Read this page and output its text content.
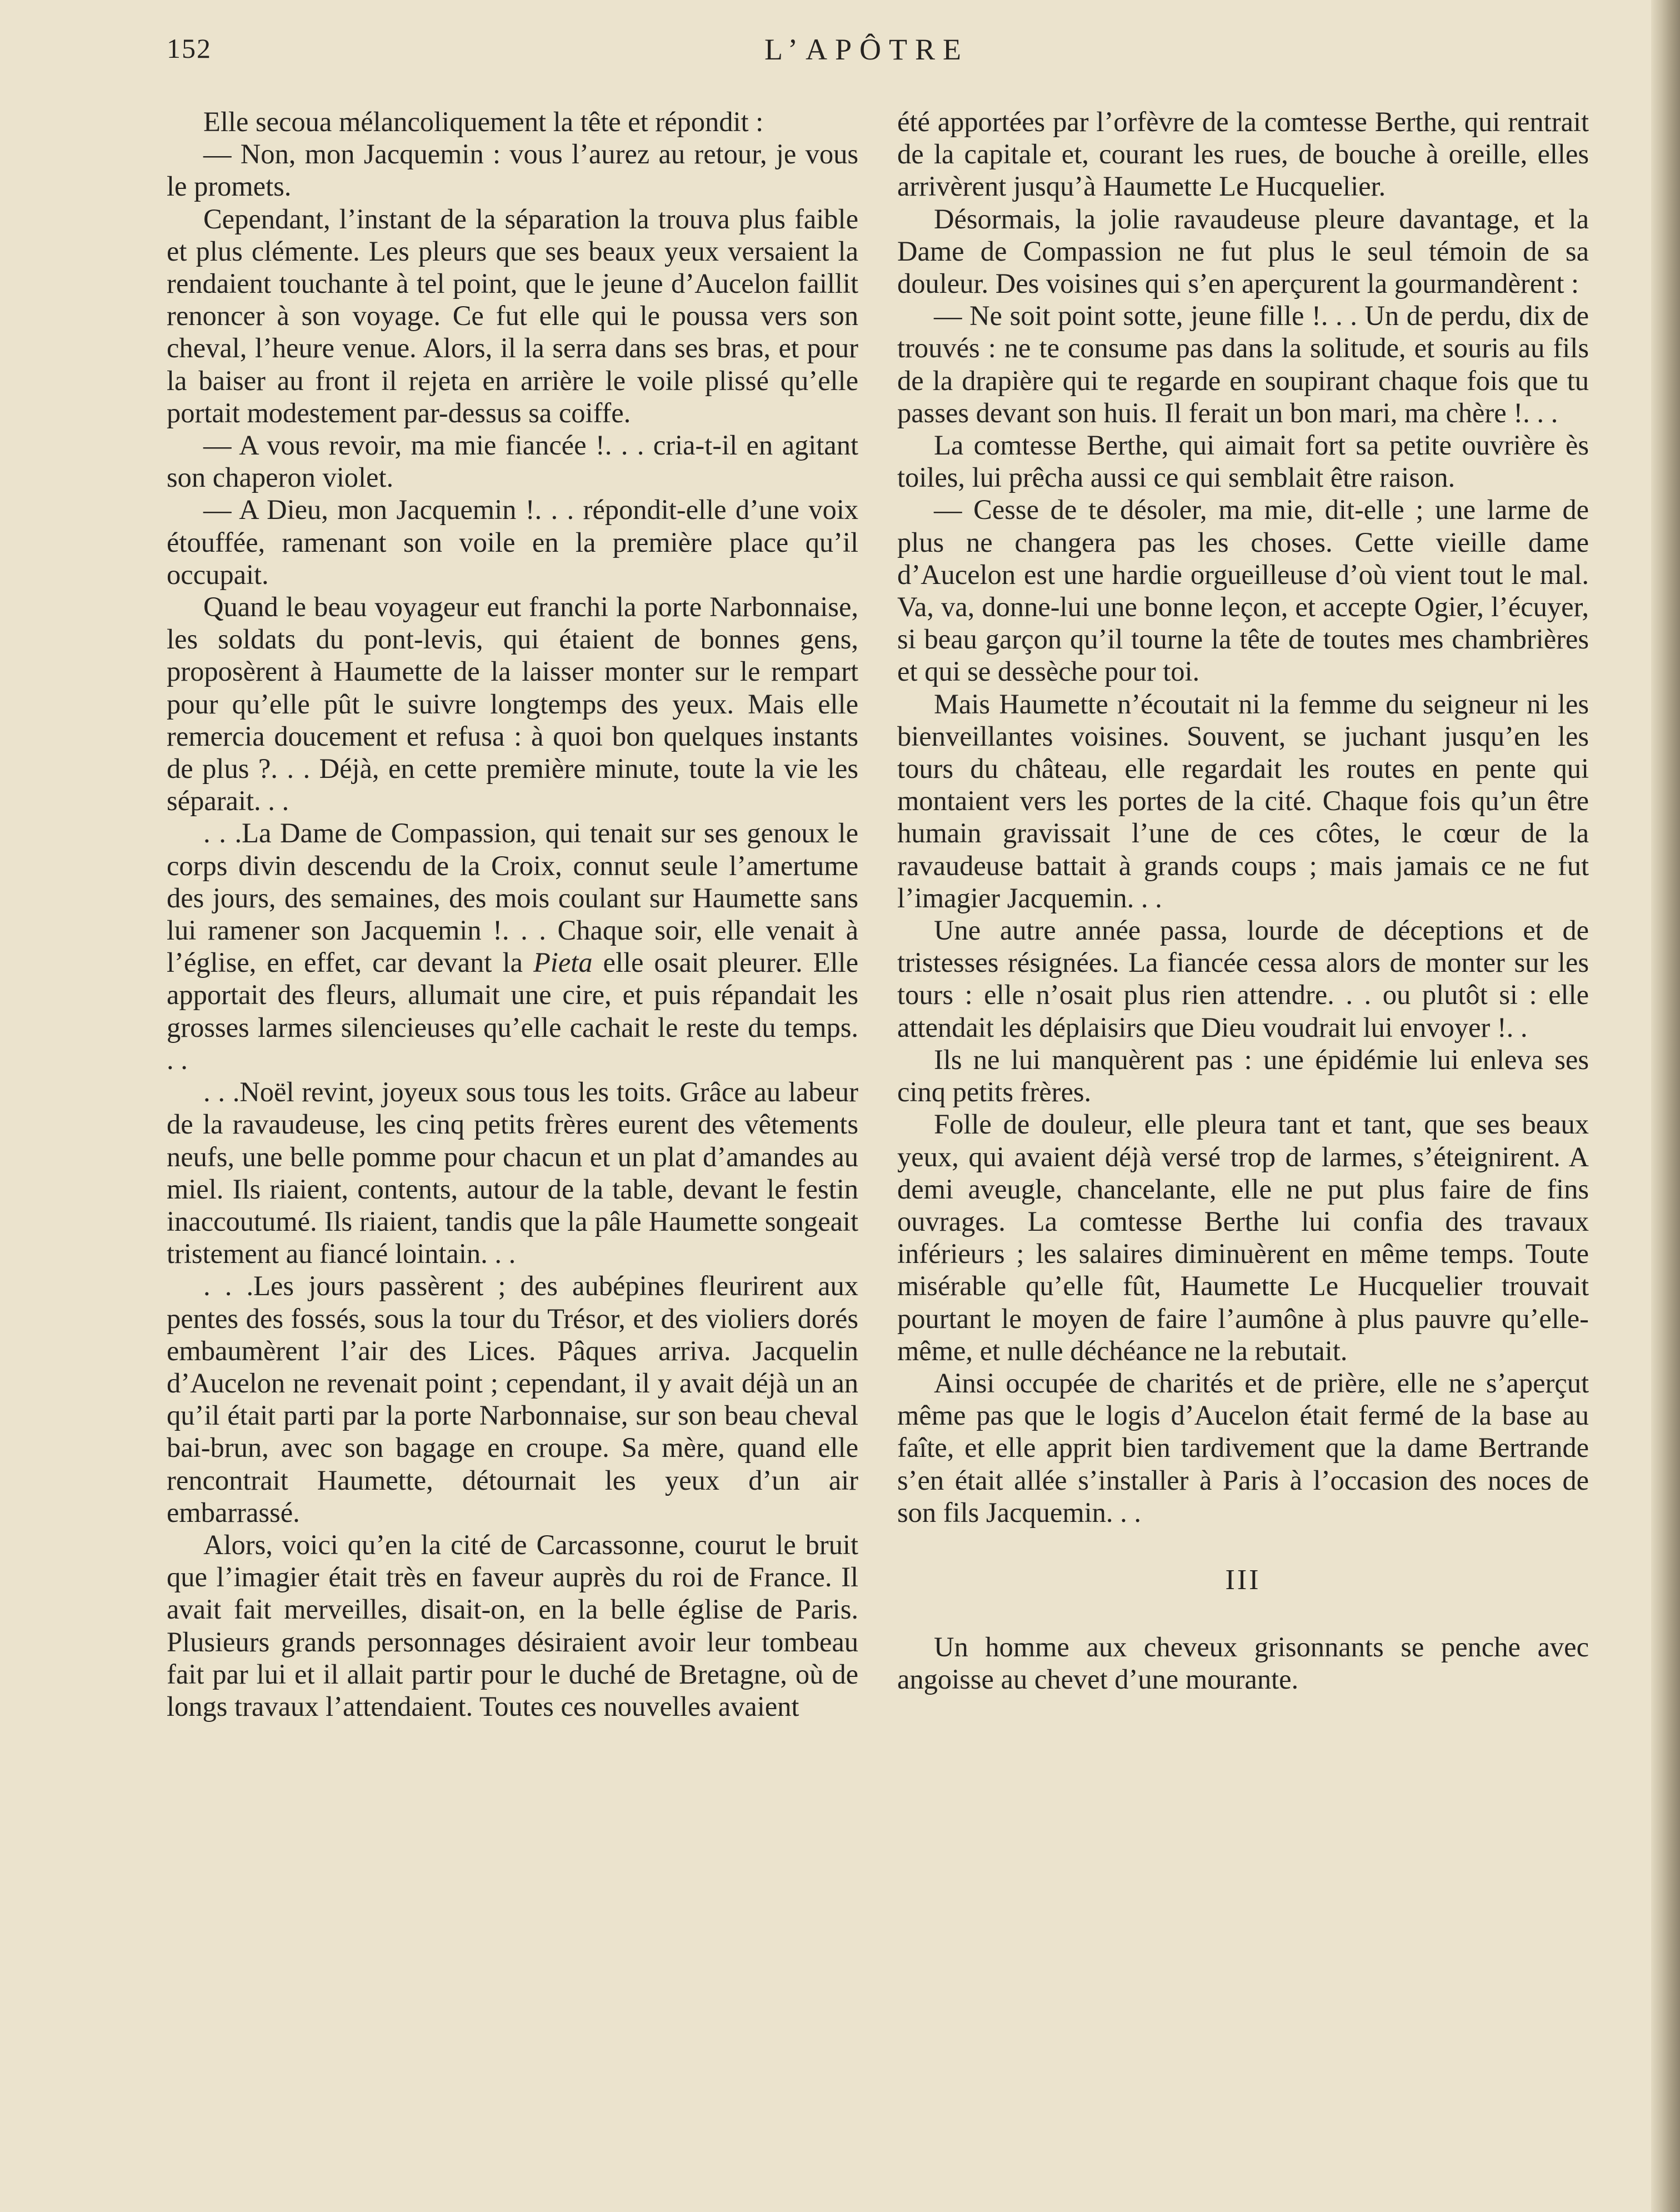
152	L’APÔTRE

Elle secoua mélancoliquement la tête et répondit :

— Non, mon Jacquemin : vous l’aurez au retour, je vous le promets.

Cependant, l’instant de la séparation la trouva plus faible et plus clémente. Les pleurs que ses beaux yeux versaient la rendaient touchante à tel point, que le jeune d’Aucelon faillit renoncer à son voyage. Ce fut elle qui le poussa vers son cheval, l’heure venue. Alors, il la serra dans ses bras, et pour la baiser au front il rejeta en arrière le voile plissé qu’elle portait modestement par-dessus sa coiffe.

— A vous revoir, ma mie fiancée !. . . cria-t-il en agitant son chaperon violet.

— A Dieu, mon Jacquemin !. . . répondit-elle d’une voix étouffée, ramenant son voile en la première place qu’il occupait.

Quand le beau voyageur eut franchi la porte Narbonnaise, les soldats du pont-levis, qui étaient de bonnes gens, proposèrent à Haumette de la laisser monter sur le rempart pour qu’elle pût le suivre longtemps des yeux. Mais elle remercia doucement et refusa : à quoi bon quelques instants de plus ?. . . Déjà, en cette première minute, toute la vie les séparait. . .

. . .La Dame de Compassion, qui tenait sur ses genoux le corps divin descendu de la Croix, connut seule l’amertume des jours, des semaines, des mois coulant sur Haumette sans lui ramener son Jacquemin !. . . Chaque soir, elle venait à l’église, en effet, car devant la Pieta elle osait pleurer. Elle apportait des fleurs, allumait une cire, et puis répandait les grosses larmes silencieuses qu’elle cachait le reste du temps. . .

. . .Noël revint, joyeux sous tous les toits. Grâce au labeur de la ravaudeuse, les cinq petits frères eurent des vêtements neufs, une belle pomme pour chacun et un plat d’amandes au miel. Ils riaient, contents, autour de la table, devant le festin inaccoutumé. Ils riaient, tandis que la pâle Haumette songeait tristement au fiancé lointain. . .

. . .Les jours passèrent ; des aubépines fleurirent aux pentes des fossés, sous la tour du Trésor, et des violiers dorés embaumèrent l’air des Lices. Pâques arriva. Jacquelin d’Aucelon ne revenait point ; cependant, il y avait déjà un an qu’il était parti par la porte Narbonnaise, sur son beau cheval bai-brun, avec son bagage en croupe. Sa mère, quand elle rencontrait Haumette, détournait les yeux d’un air embarrassé.

Alors, voici qu’en la cité de Carcassonne, courut le bruit que l’imagier était très en faveur auprès du roi de France. Il avait fait merveilles, disait-on, en la belle église de Paris. Plusieurs grands personnages désiraient avoir leur tombeau fait par lui et il allait partir pour le duché de Bretagne, où de longs travaux l’attendaient. Toutes ces nouvelles avaient

été apportées par l’orfèvre de la comtesse Berthe, qui rentrait de la capitale et, courant les rues, de bouche à oreille, elles arrivèrent jusqu’à Haumette Le Hucquelier.

Désormais, la jolie ravaudeuse pleure davantage, et la Dame de Compassion ne fut plus le seul témoin de sa douleur. Des voisines qui s’en aperçurent la gourmandèrent :

— Ne soit point sotte, jeune fille !. . . Un de perdu, dix de trouvés : ne te consume pas dans la solitude, et souris au fils de la drapière qui te regarde en soupirant chaque fois que tu passes devant son huis. Il ferait un bon mari, ma chère !. . .

La comtesse Berthe, qui aimait fort sa petite ouvrière ès toiles, lui prêcha aussi ce qui semblait être raison.

— Cesse de te désoler, ma mie, dit-elle ; une larme de plus ne changera pas les choses. Cette vieille dame d’Aucelon est une hardie orgueilleuse d’où vient tout le mal. Va, va, donne-lui une bonne leçon, et accepte Ogier, l’écuyer, si beau garçon qu’il tourne la tête de toutes mes chambrières et qui se dessèche pour toi.

Mais Haumette n’écoutait ni la femme du seigneur ni les bienveillantes voisines. Souvent, se juchant jusqu’en les tours du château, elle regardait les routes en pente qui montaient vers les portes de la cité. Chaque fois qu’un être humain gravissait l’une de ces côtes, le cœur de la ravaudeuse battait à grands coups ; mais jamais ce ne fut l’imagier Jacquemin. . .

Une autre année passa, lourde de déceptions et de tristesses résignées. La fiancée cessa alors de monter sur les tours : elle n’osait plus rien attendre. . . ou plutôt si : elle attendait les déplaisirs que Dieu voudrait lui envoyer !. .

Ils ne lui manquèrent pas : une épidémie lui enleva ses cinq petits frères.

Folle de douleur, elle pleura tant et tant, que ses beaux yeux, qui avaient déjà versé trop de larmes, s’éteignirent. A demi aveugle, chancelante, elle ne put plus faire de fins ouvrages. La comtesse Berthe lui confia des travaux inférieurs ; les salaires diminuèrent en même temps. Toute misérable qu’elle fût, Haumette Le Hucquelier trouvait pourtant le moyen de faire l’aumône à plus pauvre qu’elle-même, et nulle déchéance ne la rebutait.

Ainsi occupée de charités et de prière, elle ne s’aperçut même pas que le logis d’Aucelon était fermé de la base au faîte, et elle apprit bien tardivement que la dame Bertrande s’en était allée s’installer à Paris à l’occasion des noces de son fils Jacquemin. . .

III

Un homme aux cheveux grisonnants se penche avec angoisse au chevet d’une mourante.
